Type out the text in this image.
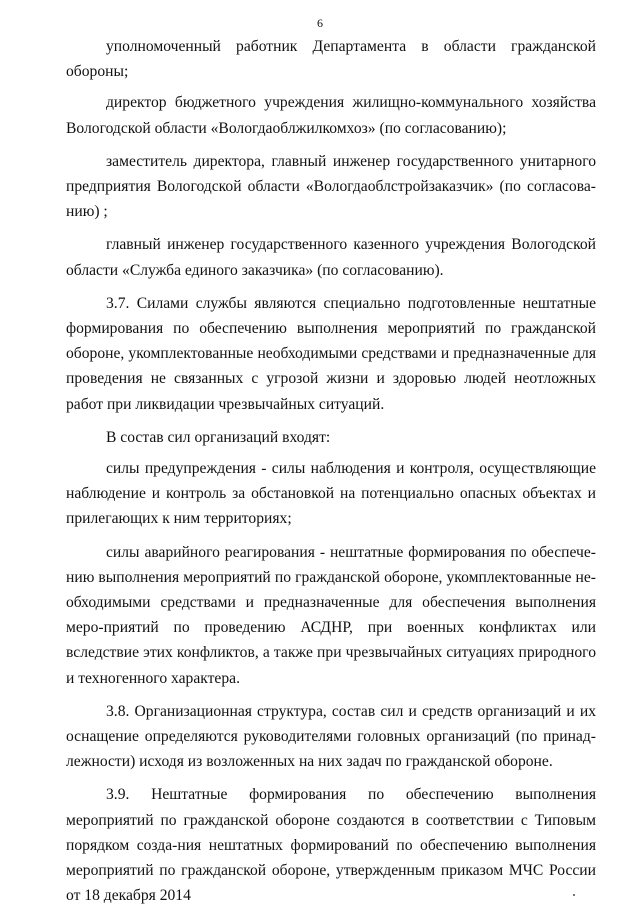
6

уполномоченный работник Департамента в области гражданской обороны;

директор бюджетного учреждения жилищно-коммунального хозяйства Вологодской области «Вологдаоблжилкомхоз» (по согласованию);

заместитель директора, главный инженер государственного унитарного предприятия Вологодской области «Вологдаоблстройзаказчик» (по согласова-нию) ;

главный инженер государственного казенного учреждения Вологодской области «Служба единого заказчика» (по согласованию).

3.7. Силами службы являются специально подготовленные нештатные формирования по обеспечению выполнения мероприятий по гражданской обороне, укомплектованные необходимыми средствами и предназначенные для проведения не связанных с угрозой жизни и здоровью людей неотложных работ при ликвидации чрезвычайных ситуаций.

В состав сил организаций входят:

силы предупреждения - силы наблюдения и контроля, осуществляющие наблюдение и контроль за обстановкой на потенциально опасных объектах и прилегающих к ним территориях;

силы аварийного реагирования - нештатные формирования по обеспече-нию выполнения мероприятий по гражданской обороне, укомплектованные не-обходимыми средствами и предназначенные для обеспечения выполнения меро-приятий по проведению АСДНР, при военных конфликтах или вследствие этих конфликтов, а также при чрезвычайных ситуациях природного и техногенного характера.

3.8. Организационная структура, состав сил и средств организаций и их оснащение определяются руководителями головных организаций (по принад-лежности) исходя из возложенных на них задач по гражданской обороне.

3.9. Нештатные формирования по обеспечению выполнения мероприятий по гражданской обороне создаются в соответствии с Типовым порядком созда-ния нештатных формирований по обеспечению выполнения мероприятий по гражданской обороне, утвержденным приказом МЧС России от 18 декабря 2014
